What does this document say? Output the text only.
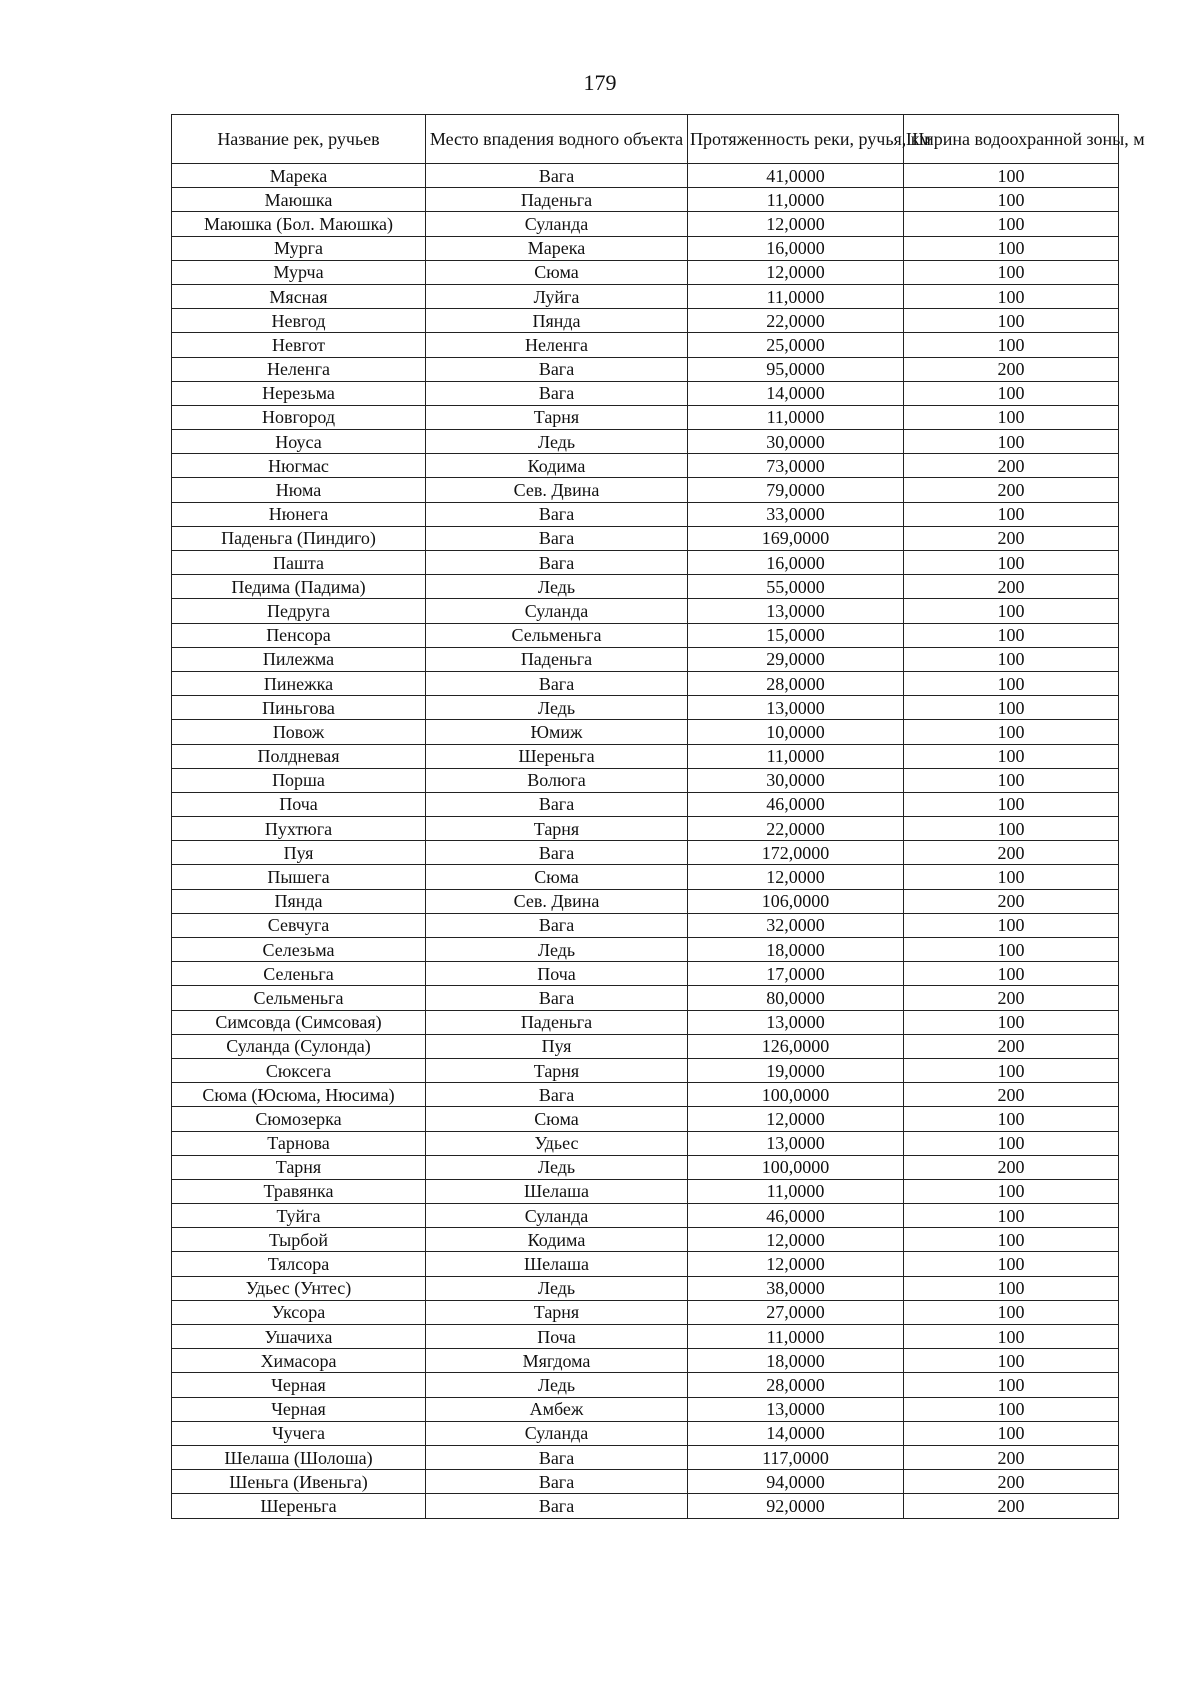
179
Название рек, ручьев	Место впадения водного объекта	Протяженность реки, ручья, км	Ширина водоохранной зоны, м
Марека	Вага	41,0000	100
Маюшка	Паденьга	11,0000	100
Маюшка (Бол. Маюшка)	Суланда	12,0000	100
Мурга	Марека	16,0000	100
Мурча	Сюма	12,0000	100
Мясная	Луйга	11,0000	100
Невгод	Пянда	22,0000	100
Невгот	Неленга	25,0000	100
Неленга	Вага	95,0000	200
Нерезьма	Вага	14,0000	100
Новгород	Тарня	11,0000	100
Ноуса	Ледь	30,0000	100
Нюгмас	Кодима	73,0000	200
Нюма	Сев. Двина	79,0000	200
Нюнега	Вага	33,0000	100
Паденьга (Пиндиго)	Вага	169,0000	200
Пашта	Вага	16,0000	100
Педима (Падима)	Ледь	55,0000	200
Педруга	Суланда	13,0000	100
Пенсора	Сельменьга	15,0000	100
Пилежма	Паденьга	29,0000	100
Пинежка	Вага	28,0000	100
Пиньгова	Ледь	13,0000	100
Повож	Юмиж	10,0000	100
Полдневая	Шереньга	11,0000	100
Порша	Волюга	30,0000	100
Поча	Вага	46,0000	100
Пухтюга	Тарня	22,0000	100
Пуя	Вага	172,0000	200
Пышега	Сюма	12,0000	100
Пянда	Сев. Двина	106,0000	200
Севчуга	Вага	32,0000	100
Селезьма	Ледь	18,0000	100
Селеньга	Поча	17,0000	100
Сельменьга	Вага	80,0000	200
Симсовда (Симсовая)	Паденьга	13,0000	100
Суланда (Сулонда)	Пуя	126,0000	200
Сюксега	Тарня	19,0000	100
Сюма (Юсюма, Нюсима)	Вага	100,0000	200
Сюмозерка	Сюма	12,0000	100
Тарнова	Удьес	13,0000	100
Тарня	Ледь	100,0000	200
Травянка	Шелаша	11,0000	100
Туйга	Суланда	46,0000	100
Тырбой	Кодима	12,0000	100
Тялсора	Шелаша	12,0000	100
Удьес (Унтес)	Ледь	38,0000	100
Уксора	Тарня	27,0000	100
Ушачиха	Поча	11,0000	100
Химасора	Мягдома	18,0000	100
Черная	Ледь	28,0000	100
Черная	Амбеж	13,0000	100
Чучега	Суланда	14,0000	100
Шелаша (Шолоша)	Вага	117,0000	200
Шеньга (Ивеньга)	Вага	94,0000	200
Шереньга	Вага	92,0000	200
